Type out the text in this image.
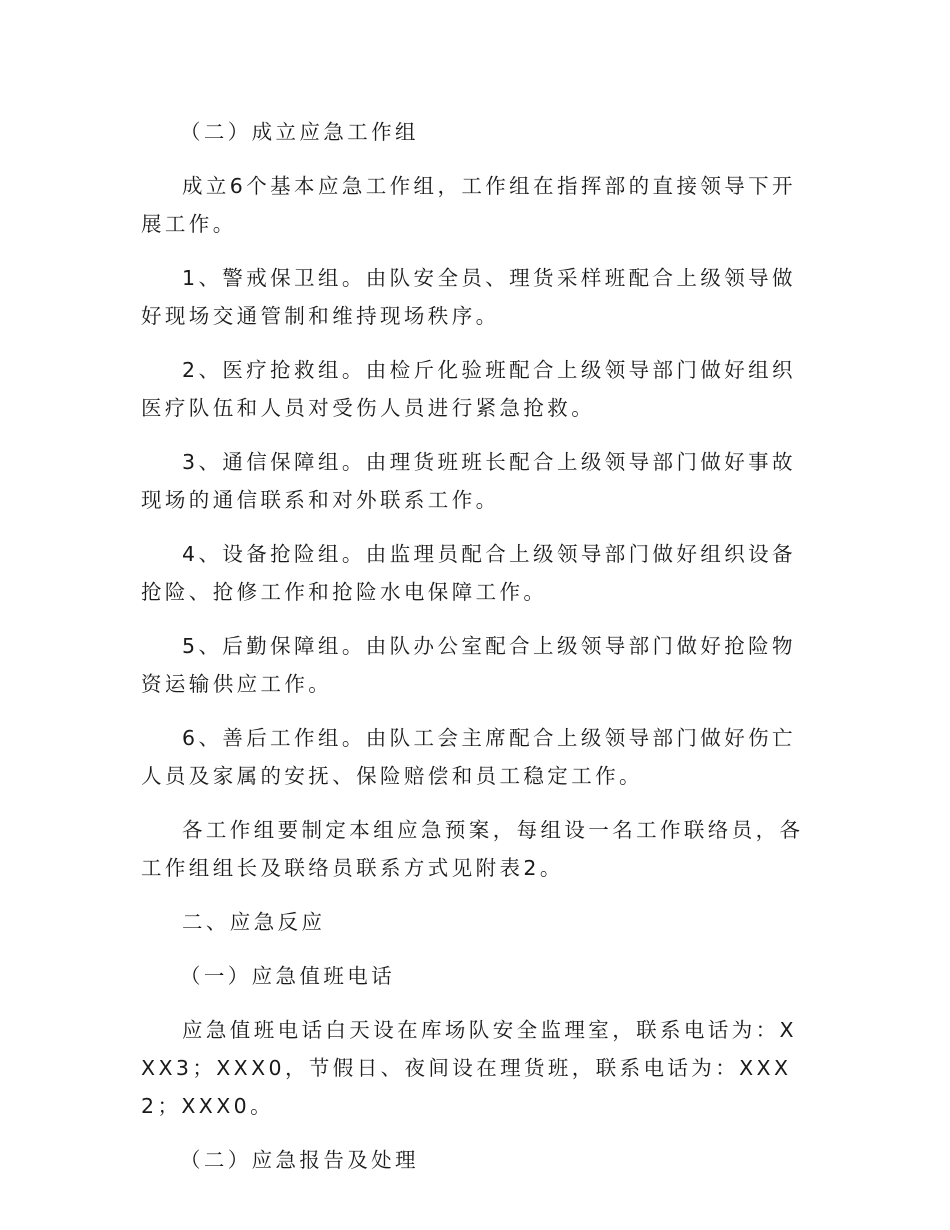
（二）成立应急工作组

成立6个基本应急工作组，工作组在指挥部的直接领导下开展工作。

1、警戒保卫组。由队安全员、理货采样班配合上级领导做好现场交通管制和维持现场秩序。

2、医疗抢救组。由检斤化验班配合上级领导部门做好组织医疗队伍和人员对受伤人员进行紧急抢救。

3、通信保障组。由理货班班长配合上级领导部门做好事故现场的通信联系和对外联系工作。

4、设备抢险组。由监理员配合上级领导部门做好组织设备抢险、抢修工作和抢险水电保障工作。

5、后勤保障组。由队办公室配合上级领导部门做好抢险物资运输供应工作。

6、善后工作组。由队工会主席配合上级领导部门做好伤亡人员及家属的安抚、保险赔偿和员工稳定工作。

各工作组要制定本组应急预案，每组设一名工作联络员，各工作组组长及联络员联系方式见附表2。

二、应急反应

（一）应急值班电话

应急值班电话白天设在库场队安全监理室，联系电话为：XXX3；XXX0，节假日、夜间设在理货班，联系电话为：XXX2；XXX0。

（二）应急报告及处理
